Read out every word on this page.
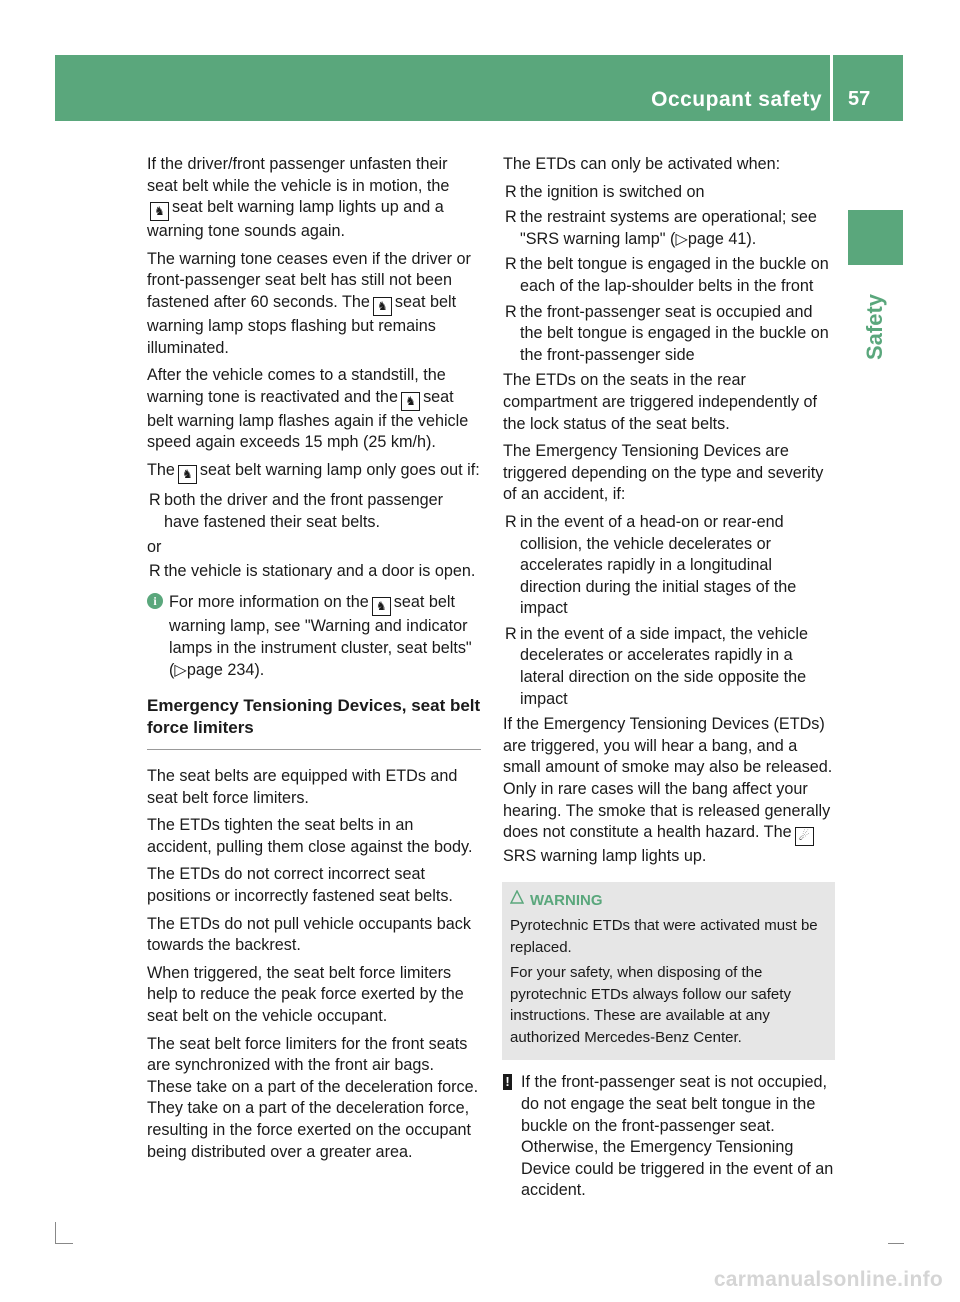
Occupant safety 57
Safety

If the driver/front passenger unfasten their seat belt while the vehicle is in motion, the
♞ seat belt warning lamp lights up and a warning tone sounds again.

The warning tone ceases even if the driver or front-passenger seat belt has still not been fastened after 60 seconds. The ♞ seat belt warning lamp stops flashing but remains illuminated.

After the vehicle comes to a standstill, the warning tone is reactivated and the ♞ seat belt warning lamp flashes again if the vehicle speed again exceeds 15 mph (25 km/h).

The ♞ seat belt warning lamp only goes out if:

R both the driver and the front passenger have fastened their seat belts.

or

R the vehicle is stationary and a door is open.
i For more information on the ♞ seat belt warning lamp, see "Warning and indicator lamps in the instrument cluster, seat belts" (▷page 234).
Emergency Tensioning Devices, seat belt force limiters

The seat belts are equipped with ETDs and seat belt force limiters.

The ETDs tighten the seat belts in an accident, pulling them close against the body.

The ETDs do not correct incorrect seat positions or incorrectly fastened seat belts.

The ETDs do not pull vehicle occupants back towards the backrest.

When triggered, the seat belt force limiters help to reduce the peak force exerted by the seat belt on the vehicle occupant.

The seat belt force limiters for the front seats are synchronized with the front air bags. These take on a part of the deceleration force. They take on a part of the deceleration force, resulting in the force exerted on the occupant being distributed over a greater area.

The ETDs can only be activated when:

R the ignition is switched on
R the restraint systems are operational; see "SRS warning lamp" (▷page 41).
R the belt tongue is engaged in the buckle on each of the lap-shoulder belts in the front
R the front-passenger seat is occupied and the belt tongue is engaged in the buckle on the front-passenger side

The ETDs on the seats in the rear compartment are triggered independently of the lock status of the seat belts.

The Emergency Tensioning Devices are triggered depending on the type and severity of an accident, if:

R in the event of a head-on or rear-end collision, the vehicle decelerates or accelerates rapidly in a longitudinal direction during the initial stages of the impact
R in the event of a side impact, the vehicle decelerates or accelerates rapidly in a lateral direction on the side opposite the impact

If the Emergency Tensioning Devices (ETDs) are triggered, you will hear a bang, and a small amount of smoke may also be released. Only in rare cases will the bang affect your hearing. The smoke that is released generally does not constitute a health hazard. The ☄SRS warning lamp lights up.

WARNING

Pyrotechnic ETDs that were activated must be replaced.

For your safety, when disposing of the pyrotechnic ETDs always follow our safety instructions. These are available at any authorized Mercedes-Benz Center.

! If the front-passenger seat is not occupied, do not engage the seat belt tongue in the buckle on the front-passenger seat. Otherwise, the Emergency Tensioning Device could be triggered in the event of an accident.
carmanualsonline.info
